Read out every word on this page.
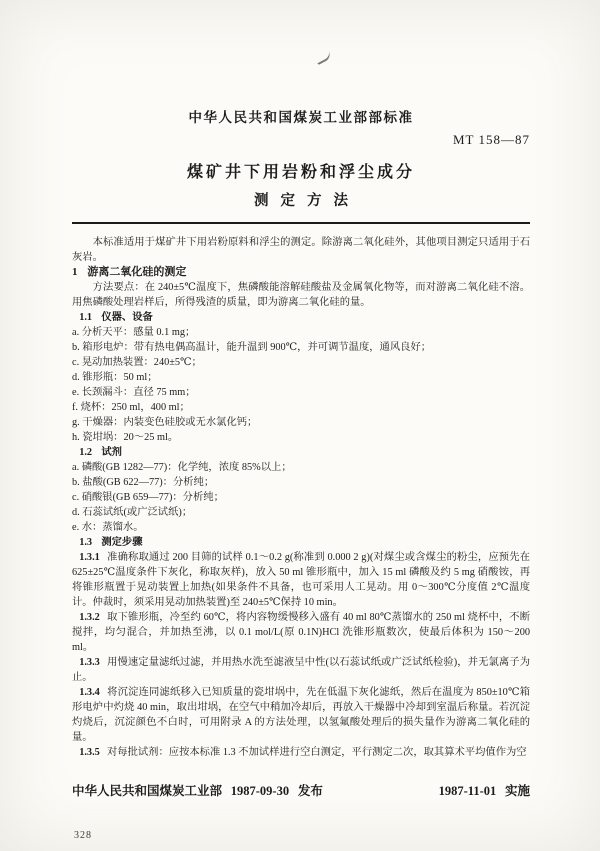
中华人民共和国煤炭工业部部标准
MT 158—87
煤矿井下用岩粉和浮尘成分
测定方法

本标准适用于煤矿井下用岩粉原料和浮尘的测定。除游离二氧化硅外，其他项目测定只适用于石灰岩。

1 游离二氧化硅的测定

方法要点：在 240±5℃温度下，焦磷酸能溶解硅酸盐及金属氧化物等，而对游离二氧化硅不溶。用焦磷酸处理岩样后，所得残渣的质量，即为游离二氧化硅的量。

1.1 仪器、设备

a. 分析天平：感量 0.1 mg；

b. 箱形电炉：带有热电偶高温计，能升温到 900℃，并可调节温度，通风良好；

c. 晃动加热装置：240±5℃；

d. 锥形瓶：50 ml；

e. 长颈漏斗：直径 75 mm；

f. 烧杯：250 ml，400 ml；

g. 干燥器：内装变色硅胶或无水氯化钙；

h. 瓷坩埚：20～25 ml。

1.2 试剂

a. 磷酸(GB 1282—77)：化学纯，浓度 85%以上；

b. 盐酸(GB 622—77)：分析纯；

c. 硝酸银(GB 659—77)：分析纯；

d. 石蕊试纸(或广泛试纸)；

e. 水：蒸馏水。

1.3 测定步骤

1.3.1 准确称取通过 200 目筛的试样 0.1～0.2 g(称准到 0.000 2 g)(对煤尘或含煤尘的粉尘，应预先在 625±25℃温度条件下灰化，称取灰样)，放入 50 ml 锥形瓶中，加入 15 ml 磷酸及约 5 mg 硝酸铵，再将锥形瓶置于晃动装置上加热(如果条件不具备，也可采用人工晃动。用 0～300℃分度值 2℃温度计。仲裁时，须采用晃动加热装置)至 240±5℃保持 10 min。

1.3.2 取下锥形瓶，冷至约 60℃，将内容物缓慢移入盛有 40 ml 80℃蒸馏水的 250 ml 烧杯中，不断搅拌，均匀混合，并加热至沸，以 0.1 mol/L(原 0.1N)HCl 洗锥形瓶数次，使最后体积为 150～200 ml。

1.3.3 用慢速定量滤纸过滤，并用热水洗至滤液呈中性(以石蕊试纸或广泛试纸检验)，并无氯离子为止。

1.3.4 将沉淀连同滤纸移入已知质量的瓷坩埚中，先在低温下灰化滤纸，然后在温度为 850±10℃箱形电炉中灼烧 40 min，取出坩埚，在空气中稍加冷却后，再放入干燥器中冷却到室温后称量。若沉淀灼烧后，沉淀颜色不白时，可用附录 A 的方法处理，以氢氟酸处理后的损失量作为游离二氧化硅的量。

1.3.5 对每批试剂：应按本标准 1.3 不加试样进行空白测定，平行测定二次，取其算术平均值作为空

中华人民共和国煤炭工业部 1987-09-30 发布	1987-11-01 实施
328
